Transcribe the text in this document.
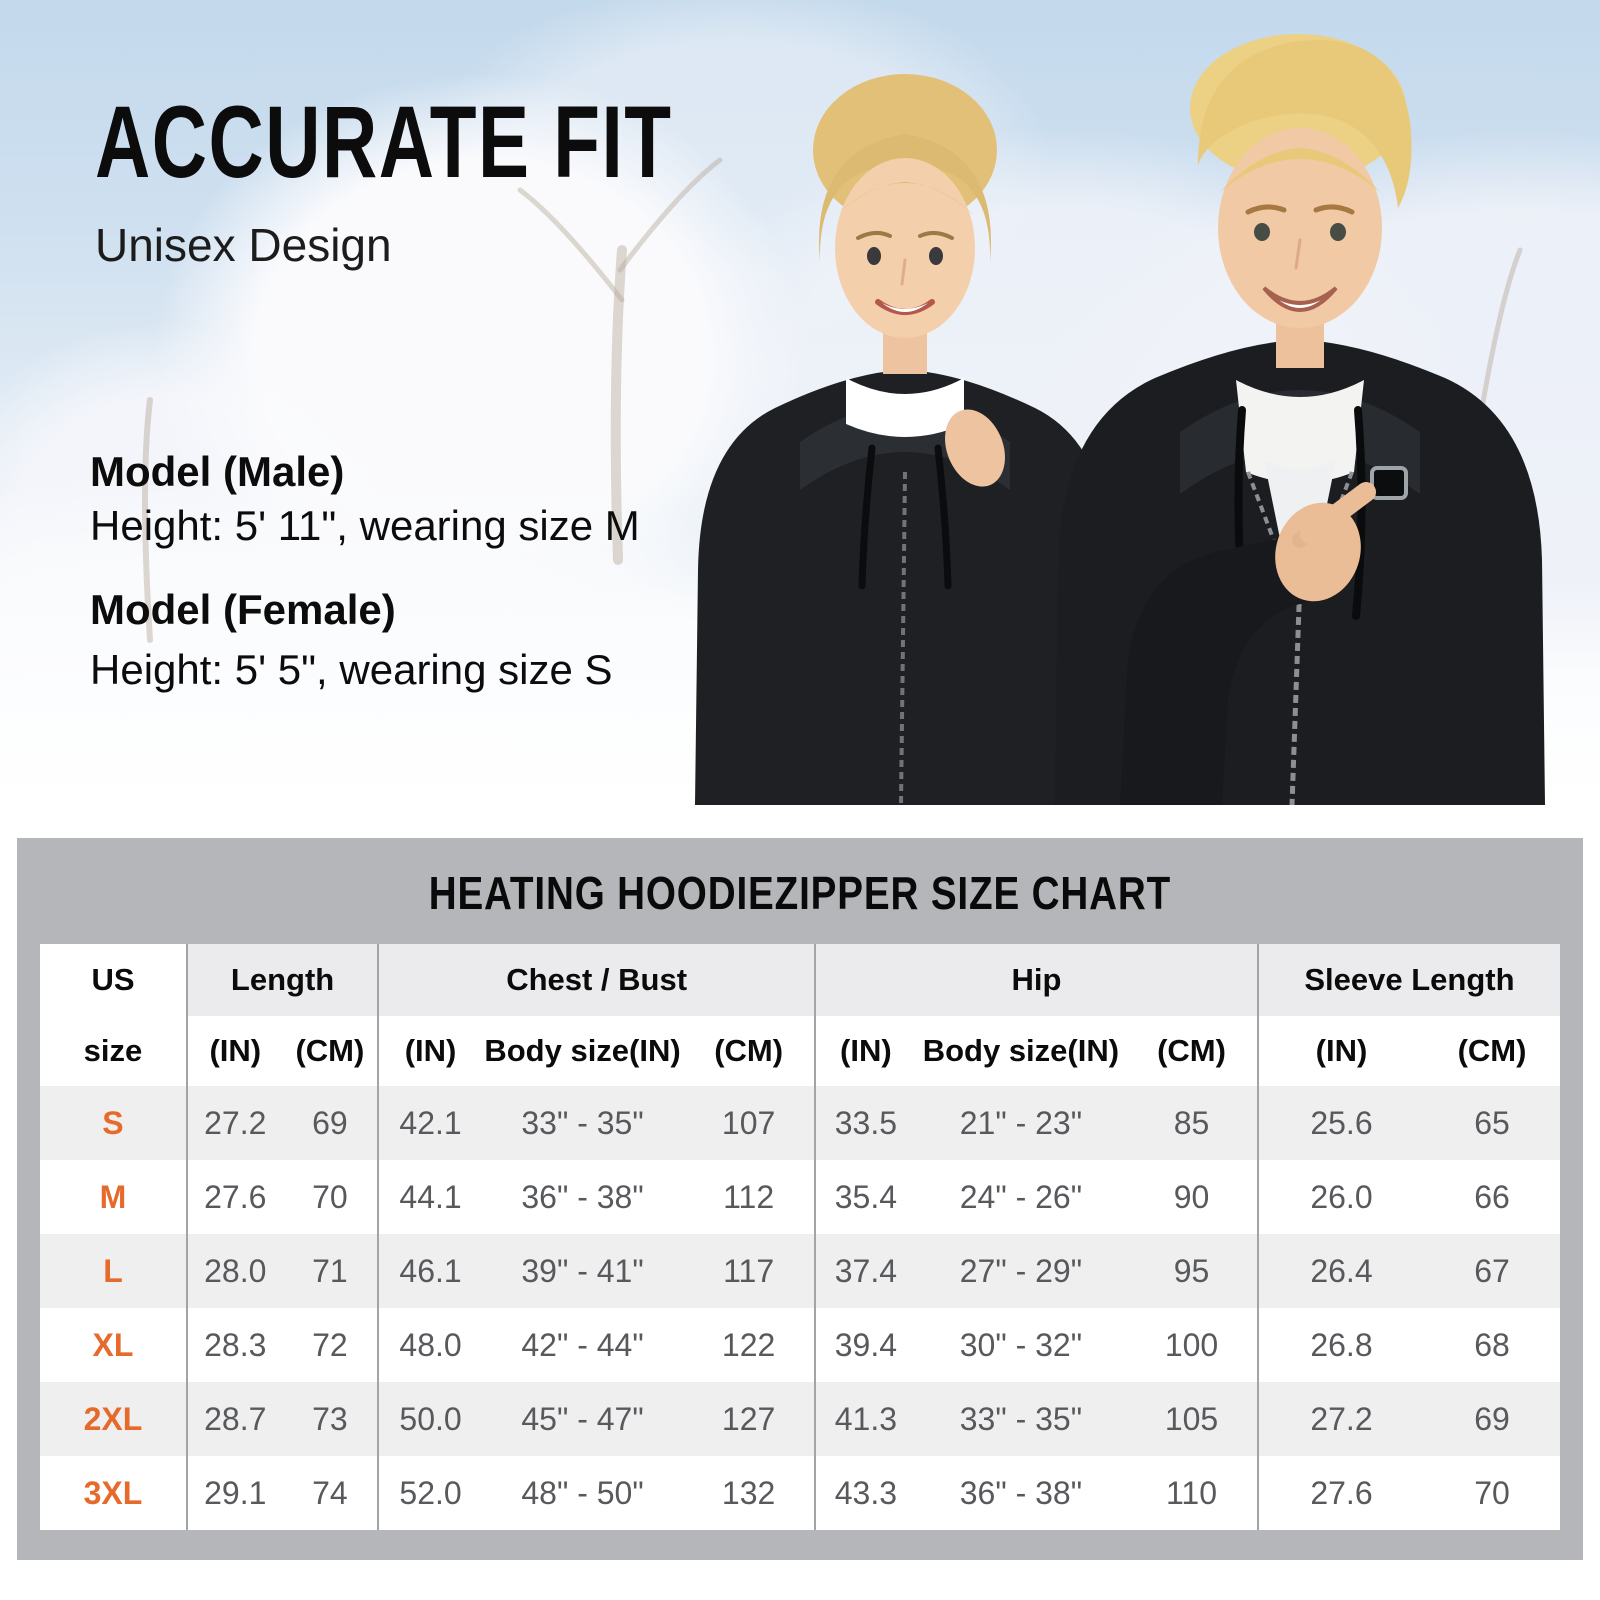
ACCURATE FIT
Unisex Design
Model (Male)
Height: 5' 11", wearing size M
Model (Female)
Height: 5' 5", wearing size S
HEATING HOODIEZIPPER SIZE CHART
US
size	Length		Chest / Bust			Hip			Sleeve Length	
	(IN)	(CM)	(IN)	Body size(IN)	(CM)	(IN)	Body size(IN)	(CM)	(IN)	(CM)
S	27.2	69	42.1	33" - 35"	107	33.5	21" - 23"	85	25.6	65
M	27.6	70	44.1	36" - 38"	112	35.4	24" - 26"	90	26.0	66
L	28.0	71	46.1	39" - 41"	117	37.4	27" - 29"	95	26.4	67
XL	28.3	72	48.0	42" - 44"	122	39.4	30" - 32"	100	26.8	68
2XL	28.7	73	50.0	45" - 47"	127	41.3	33" - 35"	105	27.2	69
3XL	29.1	74	52.0	48" - 50"	132	43.3	36" - 38"	110	27.6	70
